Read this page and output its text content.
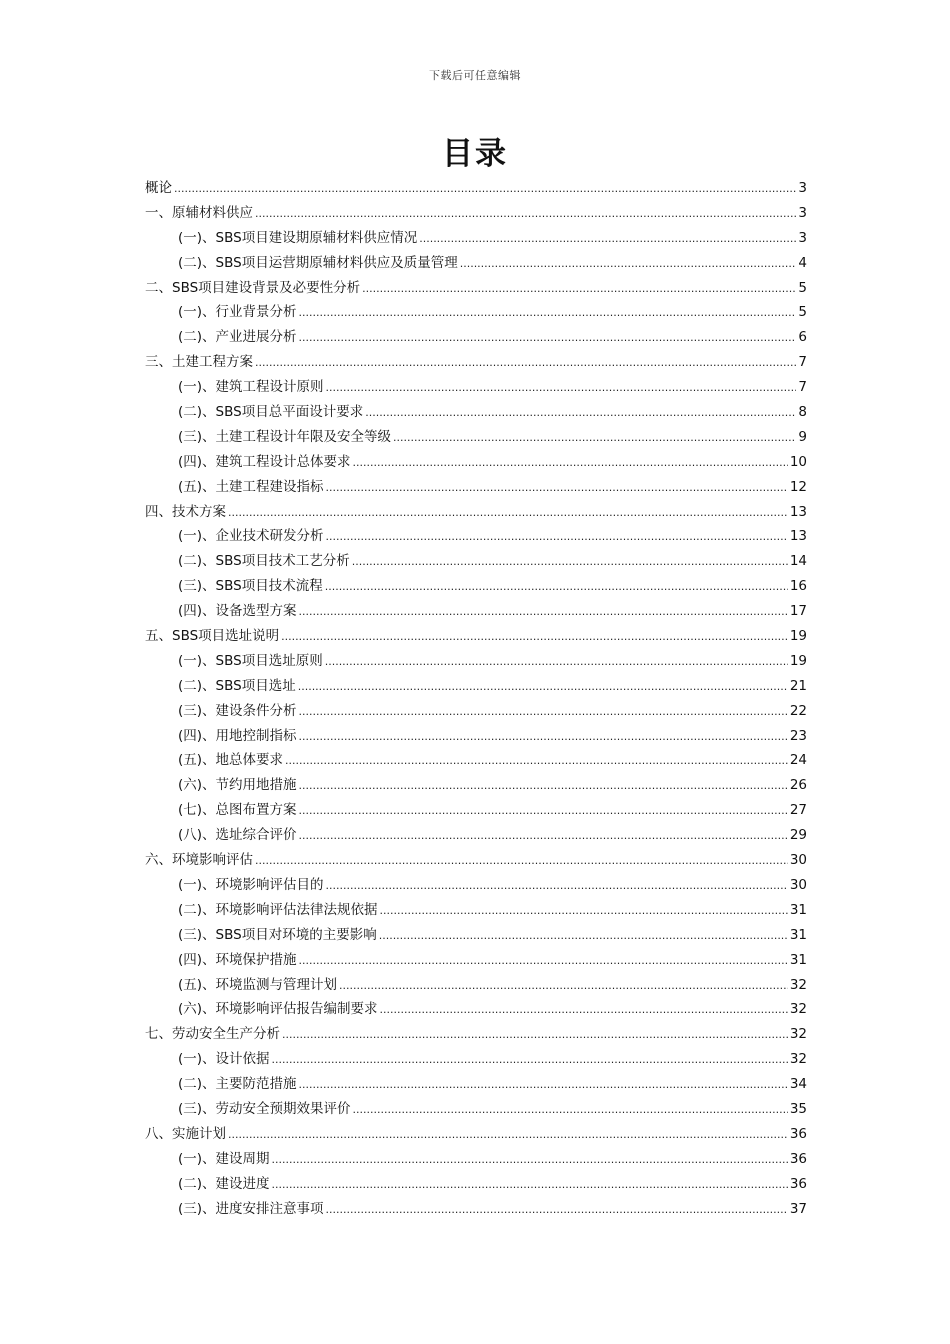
下载后可任意编辑
目录
概论 .....	3
一、原辅材料供应 .....	3
(一)、SBS项目建设期原辅材料供应情况 .....	3
(二)、SBS项目运营期原辅材料供应及质量管理 .....	4
二、SBS项目建设背景及必要性分析 .....	5
(一)、行业背景分析 .....	5
(二)、产业进展分析 .....	6
三、土建工程方案 .....	7
(一)、建筑工程设计原则 .....	7
(二)、SBS项目总平面设计要求 .....	8
(三)、土建工程设计年限及安全等级 .....	9
(四)、建筑工程设计总体要求 .....	10
(五)、土建工程建设指标 .....	12
四、技术方案 .....	13
(一)、企业技术研发分析 .....	13
(二)、SBS项目技术工艺分析 .....	14
(三)、SBS项目技术流程 .....	16
(四)、设备选型方案 .....	17
五、SBS项目选址说明 .....	19
(一)、SBS项目选址原则 .....	19
(二)、SBS项目选址 .....	21
(三)、建设条件分析 .....	22
(四)、用地控制指标 .....	23
(五)、地总体要求 .....	24
(六)、节约用地措施 .....	26
(七)、总图布置方案 .....	27
(八)、选址综合评价 .....	29
六、环境影响评估 .....	30
(一)、环境影响评估目的 .....	30
(二)、环境影响评估法律法规依据 .....	31
(三)、SBS项目对环境的主要影响 .....	31
(四)、环境保护措施 .....	31
(五)、环境监测与管理计划 .....	32
(六)、环境影响评估报告编制要求 .....	32
七、劳动安全生产分析 .....	32
(一)、设计依据 .....	32
(二)、主要防范措施 .....	34
(三)、劳动安全预期效果评价 .....	35
八、实施计划 .....	36
(一)、建设周期 .....	36
(二)、建设进度 .....	36
(三)、进度安排注意事项 .....	37
